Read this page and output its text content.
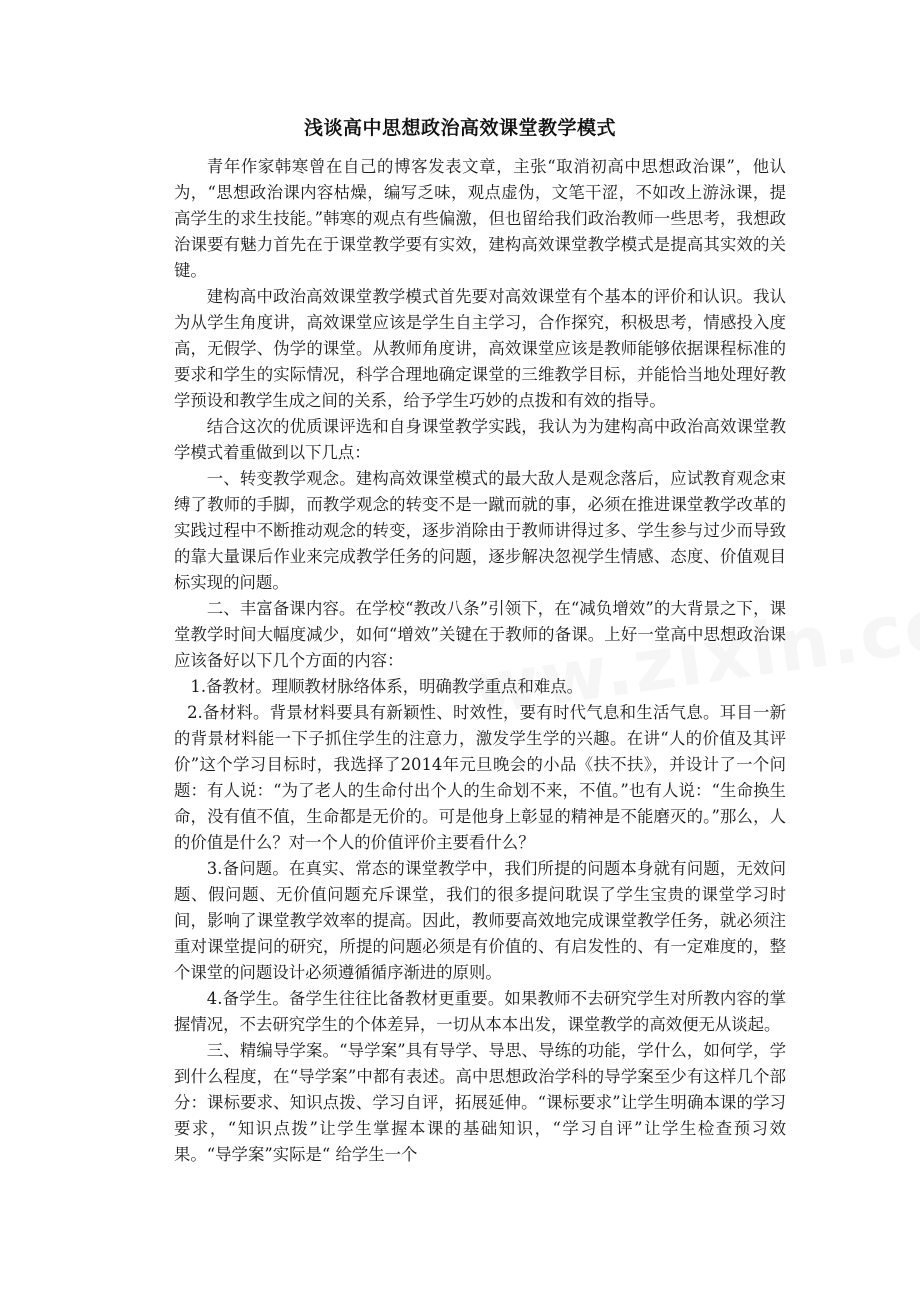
浅谈高中思想政治高效课堂教学模式

青年作家韩寒曾在自己的博客发表文章，主张“取消初高中思想政治课”，他认为，“思想政治课内容枯燥，编写乏味，观点虚伪，文笔干涩，不如改上游泳课，提高学生的求生技能。”韩寒的观点有些偏激，但也留给我们政治教师一些思考，我想政治课要有魅力首先在于课堂教学要有实效，建构高效课堂教学模式是提高其实效的关键。

建构高中政治高效课堂教学模式首先要对高效课堂有个基本的评价和认识。我认为从学生角度讲，高效课堂应该是学生自主学习，合作探究，积极思考，情感投入度高，无假学、伪学的课堂。从教师角度讲，高效课堂应该是教师能够依据课程标准的要求和学生的实际情况，科学合理地确定课堂的三维教学目标，并能恰当地处理好教学预设和教学生成之间的关系，给予学生巧妙的点拨和有效的指导。

结合这次的优质课评选和自身课堂教学实践，我认为为建构高中政治高效课堂教学模式着重做到以下几点：

一、转变教学观念。建构高效课堂模式的最大敌人是观念落后，应试教育观念束缚了教师的手脚，而教学观念的转变不是一蹴而就的事，必须在推进课堂教学改革的实践过程中不断推动观念的转变，逐步消除由于教师讲得过多、学生参与过少而导致的靠大量课后作业来完成教学任务的问题，逐步解决忽视学生情感、态度、价值观目标实现的问题。

二、丰富备课内容。在学校“教改八条”引领下，在“减负增效”的大背景之下，课堂教学时间大幅度减少，如何“增效”关键在于教师的备课。上好一堂高中思想政治课应该备好以下几个方面的内容：

1.备教材。理顺教材脉络体系，明确教学重点和难点。

2.备材料。背景材料要具有新颖性、时效性，要有时代气息和生活气息。耳目一新的背景材料能一下子抓住学生的注意力，激发学生学的兴趣。在讲“人的价值及其评价”这个学习目标时，我选择了2014年元旦晚会的小品《扶不扶》，并设计了一个问题：有人说：“为了老人的生命付出个人的生命划不来，不值。”也有人说：“生命换生命，没有值不值，生命都是无价的。可是他身上彰显的精神是不能磨灭的。”那么，人的价值是什么？对一个人的价值评价主要看什么？

3.备问题。在真实、常态的课堂教学中，我们所提的问题本身就有问题，无效问题、假问题、无价值问题充斥课堂，我们的很多提问耽误了学生宝贵的课堂学习时间，影响了课堂教学效率的提高。因此，教师要高效地完成课堂教学任务，就必须注重对课堂提问的研究，所提的问题必须是有价值的、有启发性的、有一定难度的，整个课堂的问题设计必须遵循循序渐进的原则。

4.备学生。备学生往往比备教材更重要。如果教师不去研究学生对所教内容的掌握情况，不去研究学生的个体差异，一切从本本出发，课堂教学的高效便无从谈起。

三、精编导学案。“导学案”具有导学、导思、导练的功能，学什么，如何学，学到什么程度，在“导学案”中都有表述。高中思想政治学科的导学案至少有这样几个部分：课标要求、知识点拨、学习自评，拓展延伸。“课标要求”让学生明确本课的学习要求，“知识点拨”让学生掌握本课的基础知识，“学习自评”让学生检查预习效果。“导学案”实际是“ 给学生一个
